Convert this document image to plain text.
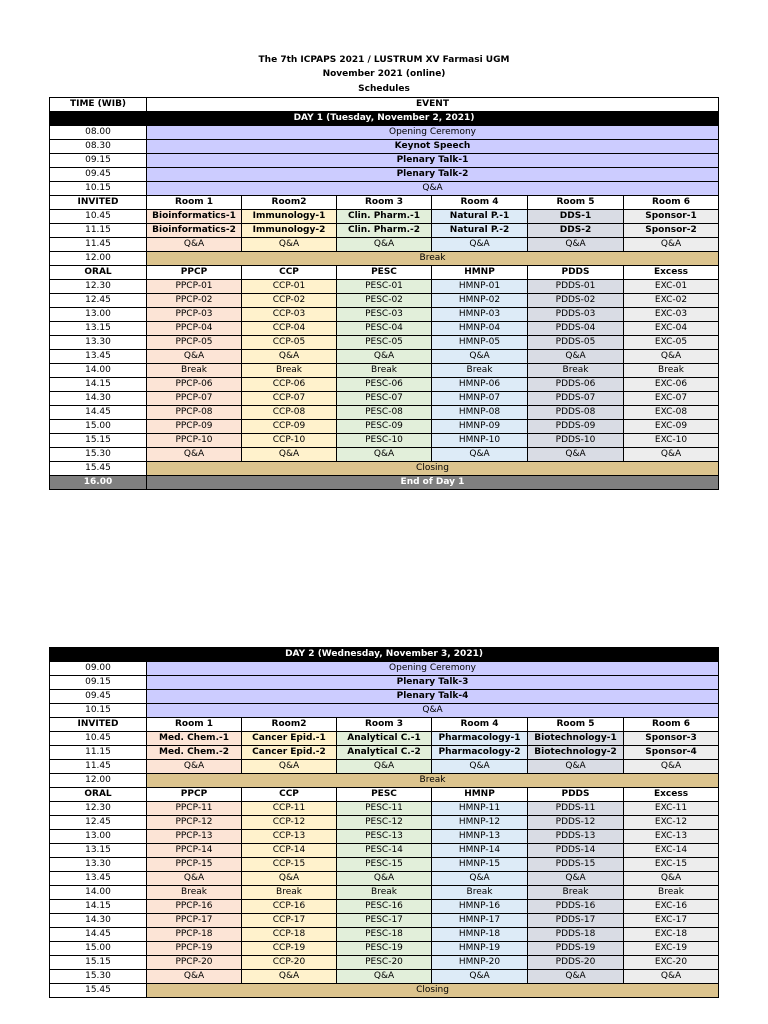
The 7th ICPAPS 2021 / LUSTRUM XV Farmasi UGM
November 2021 (online)
Schedules
TIME (WIB)	EVENT					
DAY 1 (Tuesday, November 2, 2021)						
08.00	Opening Ceremony					
08.30	Keynot Speech					
09.15	Plenary Talk-1					
09.45	Plenary Talk-2					
10.15	Q&A					
INVITED	Room 1	Room2	Room 3	Room 4	Room 5	Room 6
10.45	Bioinformatics-1	Immunology-1	Clin. Pharm.-1	Natural P.-1	DDS-1	Sponsor-1
11.15	Bioinformatics-2	Immunology-2	Clin. Pharm.-2	Natural P.-2	DDS-2	Sponsor-2
11.45	Q&A	Q&A	Q&A	Q&A	Q&A	Q&A
12.00	Break					
ORAL	PPCP	CCP	PESC	HMNP	PDDS	Excess
12.30	PPCP-01	CCP-01	PESC-01	HMNP-01	PDDS-01	EXC-01
12.45	PPCP-02	CCP-02	PESC-02	HMNP-02	PDDS-02	EXC-02
13.00	PPCP-03	CCP-03	PESC-03	HMNP-03	PDDS-03	EXC-03
13.15	PPCP-04	CCP-04	PESC-04	HMNP-04	PDDS-04	EXC-04
13.30	PPCP-05	CCP-05	PESC-05	HMNP-05	PDDS-05	EXC-05
13.45	Q&A	Q&A	Q&A	Q&A	Q&A	Q&A
14.00	Break	Break	Break	Break	Break	Break
14.15	PPCP-06	CCP-06	PESC-06	HMNP-06	PDDS-06	EXC-06
14.30	PPCP-07	CCP-07	PESC-07	HMNP-07	PDDS-07	EXC-07
14.45	PPCP-08	CCP-08	PESC-08	HMNP-08	PDDS-08	EXC-08
15.00	PPCP-09	CCP-09	PESC-09	HMNP-09	PDDS-09	EXC-09
15.15	PPCP-10	CCP-10	PESC-10	HMNP-10	PDDS-10	EXC-10
15.30	Q&A	Q&A	Q&A	Q&A	Q&A	Q&A
15.45	Closing					
16.00	End of Day 1					
DAY 2 (Wednesday, November 3, 2021)						
09.00	Opening Ceremony					
09.15	Plenary Talk-3					
09.45	Plenary Talk-4					
10.15	Q&A					
INVITED	Room 1	Room2	Room 3	Room 4	Room 5	Room 6
10.45	Med. Chem.-1	Cancer Epid.-1	Analytical C.-1	Pharmacology-1	Biotechnology-1	Sponsor-3
11.15	Med. Chem.-2	Cancer Epid.-2	Analytical C.-2	Pharmacology-2	Biotechnology-2	Sponsor-4
11.45	Q&A	Q&A	Q&A	Q&A	Q&A	Q&A
12.00	Break					
ORAL	PPCP	CCP	PESC	HMNP	PDDS	Excess
12.30	PPCP-11	CCP-11	PESC-11	HMNP-11	PDDS-11	EXC-11
12.45	PPCP-12	CCP-12	PESC-12	HMNP-12	PDDS-12	EXC-12
13.00	PPCP-13	CCP-13	PESC-13	HMNP-13	PDDS-13	EXC-13
13.15	PPCP-14	CCP-14	PESC-14	HMNP-14	PDDS-14	EXC-14
13.30	PPCP-15	CCP-15	PESC-15	HMNP-15	PDDS-15	EXC-15
13.45	Q&A	Q&A	Q&A	Q&A	Q&A	Q&A
14.00	Break	Break	Break	Break	Break	Break
14.15	PPCP-16	CCP-16	PESC-16	HMNP-16	PDDS-16	EXC-16
14.30	PPCP-17	CCP-17	PESC-17	HMNP-17	PDDS-17	EXC-17
14.45	PPCP-18	CCP-18	PESC-18	HMNP-18	PDDS-18	EXC-18
15.00	PPCP-19	CCP-19	PESC-19	HMNP-19	PDDS-19	EXC-19
15.15	PPCP-20	CCP-20	PESC-20	HMNP-20	PDDS-20	EXC-20
15.30	Q&A	Q&A	Q&A	Q&A	Q&A	Q&A
15.45	Closing					
